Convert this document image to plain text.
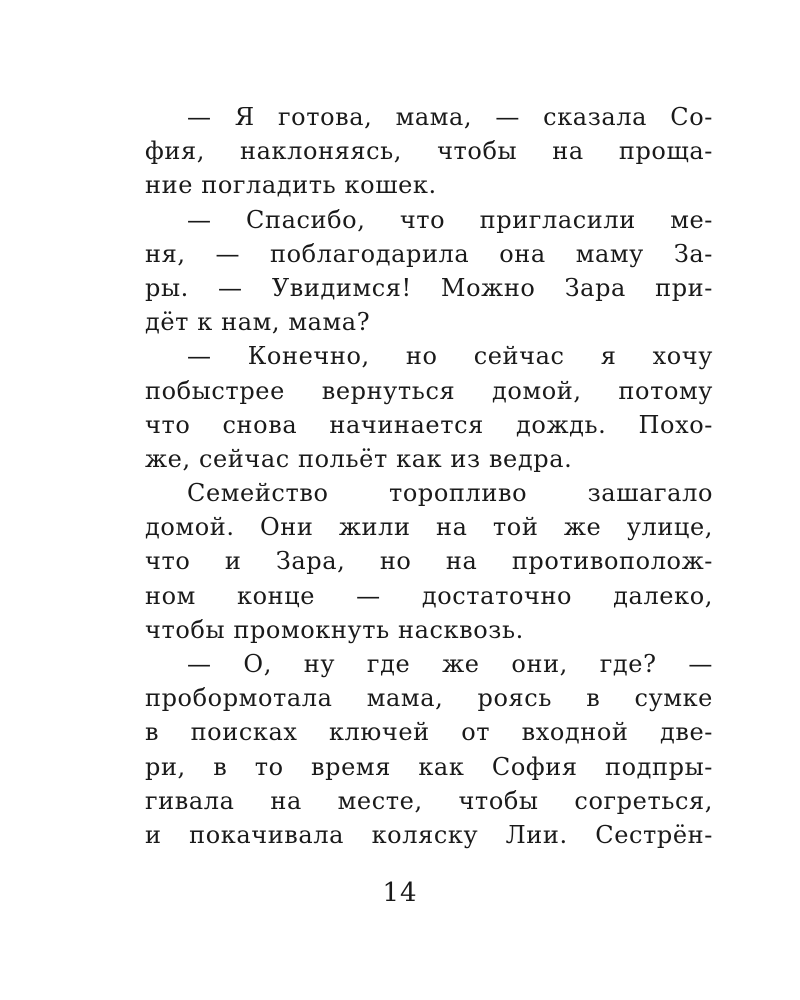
— Я готова, мама, — сказала Со-
фия, наклоняясь, чтобы на проща-
ние погладить кошек.
— Спасибо, что пригласили ме-
ня, — поблагодарила она маму За-
ры. — Увидимся! Можно Зара при-
дёт к нам, мама?
— Конечно, но сейчас я хочу
побыстрее вернуться домой, потому
что снова начинается дождь. Похо-
же, сейчас польёт как из ведра.
Семейство торопливо зашагало
домой. Они жили на той же улице,
что и Зара, но на противополож-
ном конце — достаточно далеко,
чтобы промокнуть насквозь.
— О, ну где же они, где? —
пробормотала мама, роясь в сумке
в поисках ключей от входной две-
ри, в то время как София подпры-
гивала на месте, чтобы согреться,
и покачивала коляску Лии. Сестрён-
14
